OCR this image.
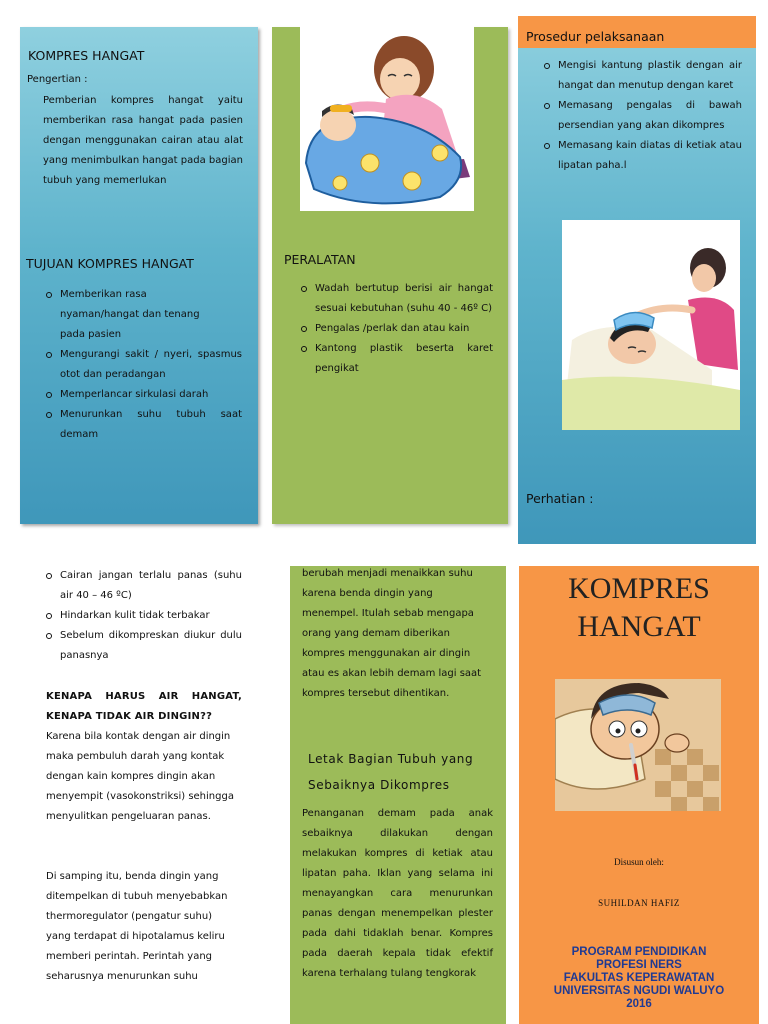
KOMPRES HANGAT
Pengertian :
Pemberian kompres hangat yaitu memberikan rasa hangat pada pasien dengan menggunakan cairan atau alat yang menimbulkan hangat pada bagian tubuh yang memerlukan
TUJUAN KOMPRES HANGAT
Memberikan rasa nyaman/hangat dan tenang pada pasien
Mengurangi sakit / nyeri, spasmus otot dan peradangan
Memperlancar sirkulasi darah
Menurunkan suhu tubuh saat demam
PERALATAN
Wadah bertutup berisi air hangat sesuai kebutuhan (suhu 40 - 46º C)
Pengalas /perlak dan atau kain
Kantong plastik beserta karet pengikat
Prosedur pelaksanaan
Mengisi kantung plastik dengan air hangat dan menutup dengan karet
Memasang pengalas di bawah persendian yang akan dikompres
Memasang kain diatas di ketiak atau lipatan paha.l
Perhatian :
Cairan jangan terlalu panas (suhu air 40 – 46 ºC)
Hindarkan kulit tidak terbakar
Sebelum dikompreskan diukur dulu panasnya
KENAPA HARUS AIR HANGAT, KENAPA TIDAK AIR DINGIN??
Karena bila kontak dengan air dingin maka pembuluh darah yang kontak dengan kain kompres dingin akan menyempit (vasokonstriksi) sehingga menyulitkan pengeluaran panas.
Di samping itu, benda dingin yang ditempelkan di tubuh menyebabkan thermoregulator (pengatur suhu) yang terdapat di hipotalamus keliru memberi perintah. Perintah yang seharusnya menurunkan suhu
berubah menjadi menaikkan suhu karena benda dingin yang menempel. Itulah sebab mengapa orang yang demam diberikan kompres menggunakan air dingin atau es akan lebih demam lagi saat kompres tersebut dihentikan.
Letak Bagian Tubuh yang Sebaiknya Dikompres
Penanganan demam pada anak sebaiknya dilakukan dengan melakukan kompres di ketiak atau lipatan paha. Iklan yang selama ini menayangkan cara menurunkan panas dengan menempelkan plester pada dahi tidaklah benar. Kompres pada daerah kepala tidak efektif karena terhalang tulang tengkorak
KOMPRES
HANGAT
Disusun oleh:
SUHILDAN HAFIZ
PROGRAM PENDIDIKAN
PROFESI NERS
FAKULTAS KEPERAWATAN
UNIVERSITAS NGUDI WALUYO
2016
